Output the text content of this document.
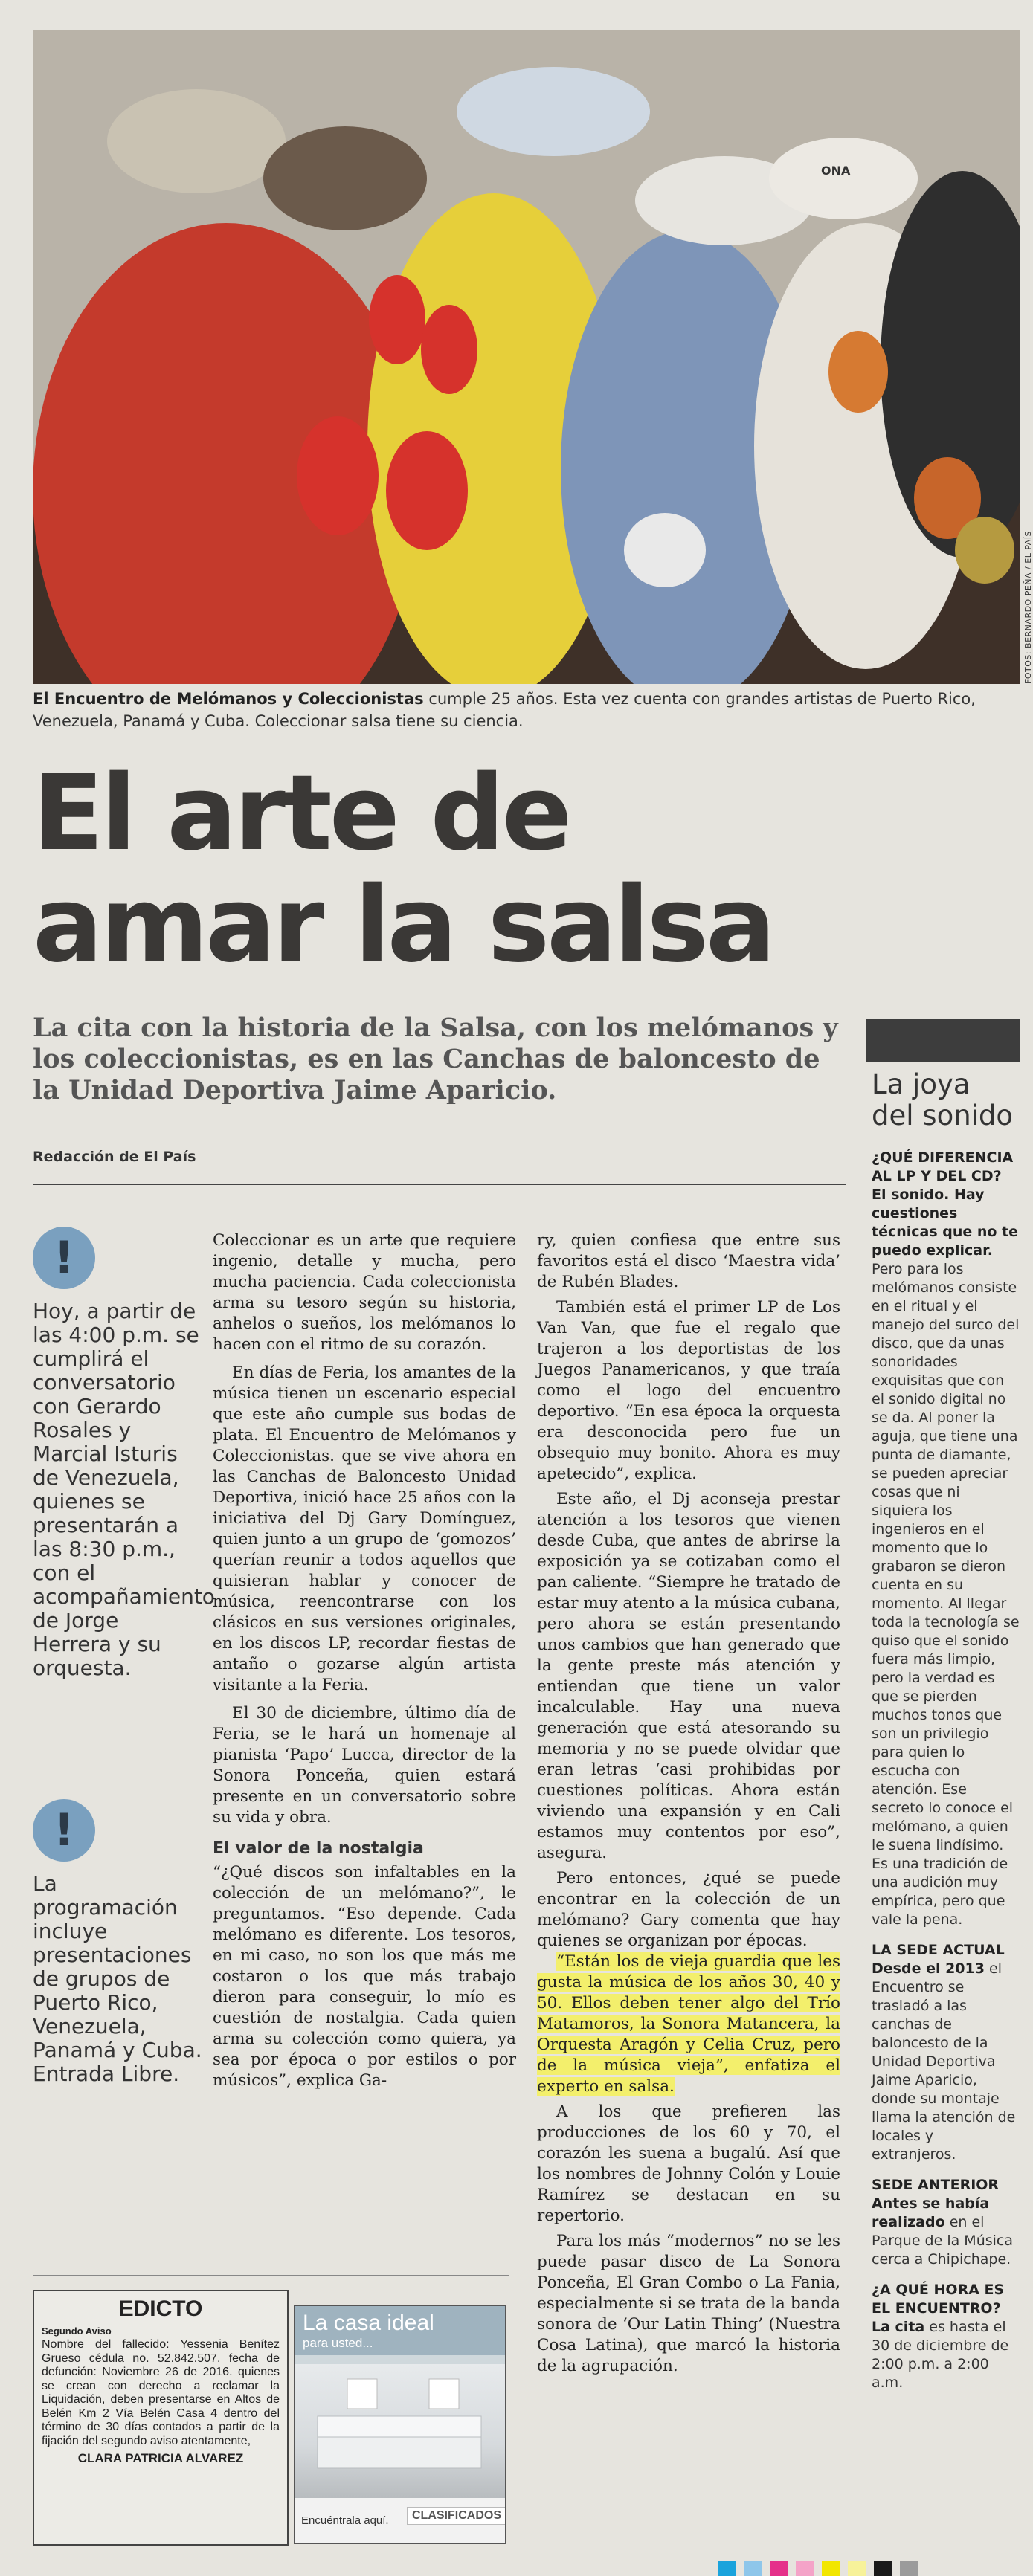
ONA
FOTOS: BERNARDO PEÑA / EL PAÍS
El Encuentro de Melómanos y Coleccionistas cumple 25 años. Esta vez cuenta con grandes artistas de Puerto Rico, Venezuela, Panamá y Cuba. Coleccionar salsa tiene su ciencia.
El arte de
amar la salsa
La cita con la historia de la Salsa, con los melómanos y los coleccionistas, es en las Canchas de baloncesto de la Unidad Deportiva Jaime Aparicio.
Redacción de El País
!
Hoy, a partir de las 4:00 p.m. se cumplirá el conversatorio con Gerardo Rosales y Marcial Isturis de Venezuela, quienes se presentarán a las 8:30 p.m., con el acompañamiento de Jorge Herrera y su orquesta.
!
La programación incluye presentaciones de grupos de Puerto Rico, Venezuela, Panamá y Cuba. Entrada Libre.

Coleccionar es un arte que requiere ingenio, detalle y mucha, pero mucha paciencia. Cada coleccionista arma su tesoro según su historia, anhelos o sueños, los melómanos lo hacen con el ritmo de su corazón.

En días de Feria, los amantes de la música tienen un escenario especial que este año cumple sus bodas de plata. El Encuentro de Melómanos y Coleccionistas. que se vive ahora en las Canchas de Baloncesto Unidad Deportiva, inició hace 25 años con la iniciativa del Dj Gary Domínguez, quien junto a un grupo de ‘gomozos’ querían reunir a todos aquellos que quisieran hablar y conocer de música, reencontrarse con los clásicos en sus versiones originales, en los discos LP, recordar fiestas de antaño o gozarse algún artista visitante a la Feria.

El 30 de diciembre, último día de Feria, se le hará un homenaje al pianista ‘Papo’ Lucca, director de la Sonora Ponceña, quien estará presente en un conversatorio sobre su vida y obra.

El valor de la nostalgia

“¿Qué discos son infaltables en la colección de un melómano?”, le preguntamos. “Eso depende. Cada melómano es diferente. Los tesoros, en mi caso, no son los que más me costaron o los que más trabajo dieron para conseguir, lo mío es cuestión de nostalgia. Cada quien arma su colección como quiera, ya sea por época o por estilos o por músicos”, explica Ga-

ry, quien confiesa que entre sus favoritos está el disco ‘Maestra vida’ de Rubén Blades.

También está el primer LP de Los Van Van, que fue el regalo que trajeron a los deportistas de los Juegos Panamericanos, y que traía como el logo del encuentro deportivo. “En esa época la orquesta era desconocida pero fue un obsequio muy bonito. Ahora es muy apetecido”, explica.

Este año, el Dj aconseja prestar atención a los tesoros que vienen desde Cuba, que antes de abrirse la exposición ya se cotizaban como el pan caliente. “Siempre he tratado de estar muy atento a la música cubana, pero ahora se están presentando unos cambios que han generado que la gente preste más atención y entiendan que tiene un valor incalculable. Hay una nueva generación que está atesorando su memoria y no se puede olvidar que eran letras ‘casi prohibidas por cuestiones políticas. Ahora están viviendo una expansión y en Cali estamos muy contentos por eso”, asegura.

Pero entonces, ¿qué se puede encontrar en la colección de un melómano? Gary comenta que hay quienes se organizan por épocas.

“Están los de vieja guardia que les gusta la música de los años 30, 40 y 50. Ellos deben tener algo del Trío Matamoros, la Sonora Matancera, la Orquesta Aragón y Celia Cruz, pero de la música vieja”, enfatiza el experto en salsa.

A los que prefieren las producciones de los 60 y 70, el corazón les suena a bugalú. Así que los nombres de Johnny Colón y Louie Ramírez se destacan en su repertorio.

Para los más “modernos” no se les puede pasar disco de La Sonora Ponceña, El Gran Combo o La Fania, especialmente si se trata de la banda sonora de ‘Our Latin Thing’ (Nuestra Cosa Latina), que marcó la historia de la agrupación.

La joya del sonido

¿QUÉ DIFERENCIA AL LP Y DEL CD? El sonido. Hay cuestiones técnicas que no te puedo explicar. Pero para los melómanos consiste en el ritual y el manejo del surco del disco, que da unas sonoridades exquisitas que con el sonido digital no se da. Al poner la aguja, que tiene una punta de diamante, se pueden apreciar cosas que ni siquiera los ingenieros en el momento que lo grabaron se dieron cuenta en su momento. Al llegar toda la tecnología se quiso que el sonido fuera más limpio, pero la verdad es que se pierden muchos tonos que son un privilegio para quien lo escucha con atención. Ese secreto lo conoce el melómano, a quien le suena lindísimo. Es una tradición de una audición muy empírica, pero que vale la pena.

LA SEDE ACTUAL
Desde el 2013 el Encuentro se trasladó a las canchas de baloncesto de la Unidad Deportiva Jaime Aparicio, donde su montaje llama la atención de locales y extranjeros.

SEDE ANTERIOR
Antes se había realizado en el Parque de la Música cerca a Chipichape.

¿A QUÉ HORA ES EL ENCUENTRO? La cita es hasta el 30 de diciembre de 2:00 p.m. a 2:00 a.m.

EDICTO
Segundo Aviso
Nombre del fallecido: Yessenia Benítez Grueso cédula no. 52.842.507. fecha de defunción: Noviembre 26 de 2016. quienes se crean con derecho a reclamar la Liquidación, deben presentarse en Altos de Belén Km 2 Vía Belén Casa 4 dentro del término de 30 días contados a partir de la fijación del segundo aviso atentamente,
CLARA PATRICIA ALVAREZ
La casa ideal
para usted...
Encuéntrala aquí.	CLASIFICADOS
